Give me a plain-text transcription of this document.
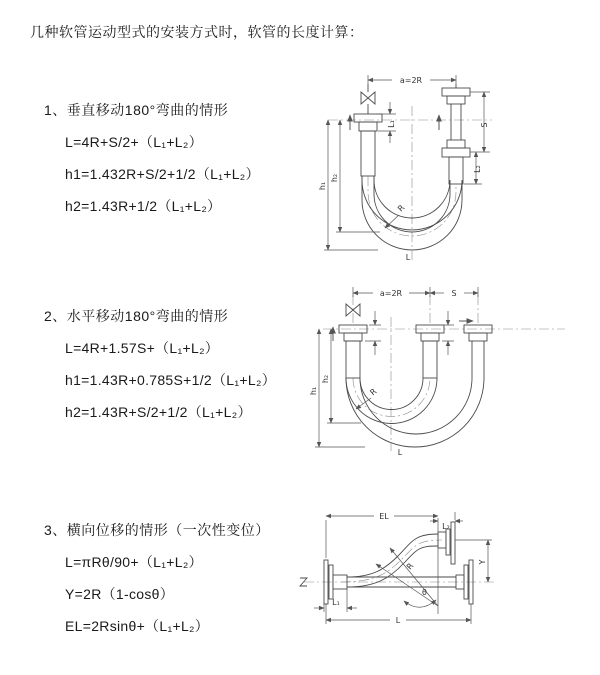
几种软管运动型式的安装方式时，软管的长度计算：
1、垂直移动180°弯曲的情形
L=4R+S/2+（L₁+L₂）
h1=1.432R+S/2+1/2（L₁+L₂）
h2=1.43R+1/2（L₁+L₂）
2、水平移动180°弯曲的情形
L=4R+1.57S+（L₁+L₂）
h1=1.43R+0.785S+1/2（L₁+L₂）
h2=1.43R+S/2+1/2（L₁+L₂）
3、横向位移的情形（一次性变位）
L=πRθ/90+（L₁+L₂）
Y=2R（1-cosθ）
EL=2Rsinθ+（L₁+L₂）
a=2R
S
L₂
L₁
h₁
h₂
R
L
a=2R	S
h₁
h₂
R
L
EL
L₂
Y
R
θ
L₁
L
